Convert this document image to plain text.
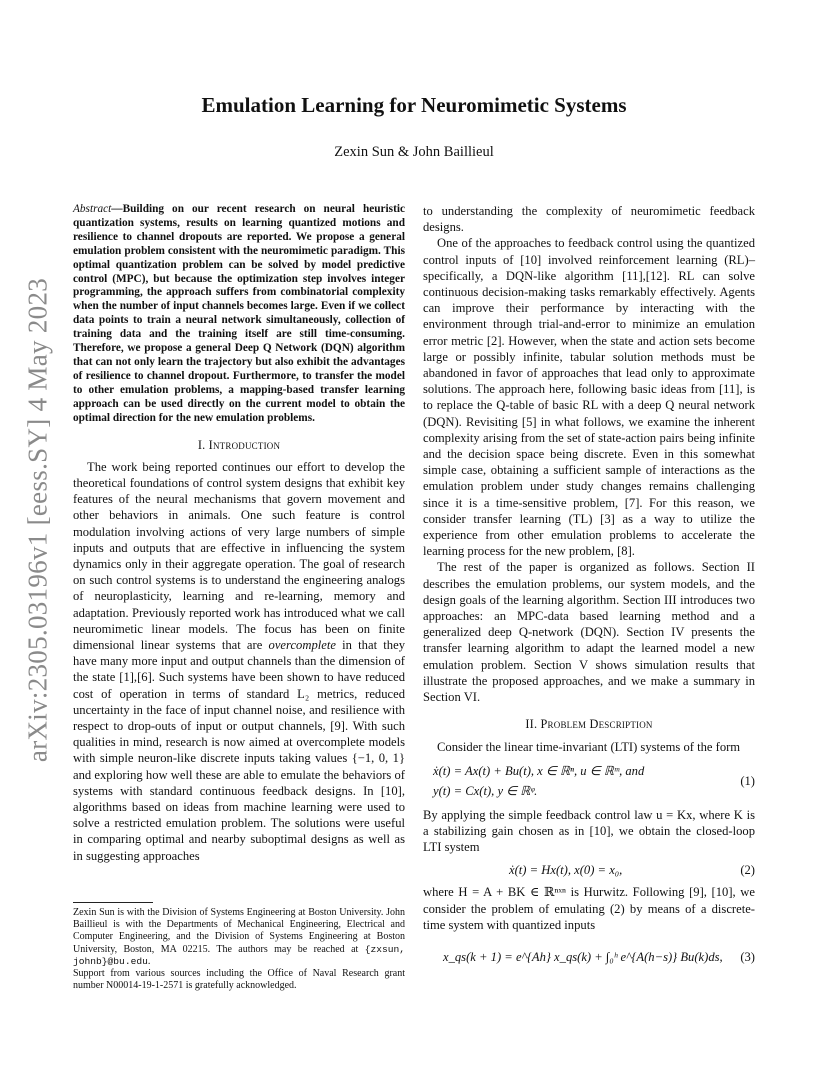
arXiv:2305.03196v1 [eess.SY] 4 May 2023
Emulation Learning for Neuromimetic Systems
Zexin Sun & John Baillieul
Abstract — Building on our recent research on neural heuristic quantization systems, results on learning quantized motions and resilience to channel dropouts are reported. We propose a general emulation problem consistent with the neuromimetic paradigm. This optimal quantization problem can be solved by model predictive control (MPC), but because the optimization step involves integer programming, the approach suffers from combinatorial complexity when the number of input channels becomes large. Even if we collect data points to train a neural network simultaneously, collection of training data and the training itself are still time-consuming. Therefore, we propose a general Deep Q Network (DQN) algorithm that can not only learn the trajectory but also exhibit the advantages of resilience to channel dropout. Furthermore, to transfer the model to other emulation problems, a mapping-based transfer learning approach can be used directly on the current model to obtain the optimal direction for the new emulation problems.
I. Introduction

The work being reported continues our effort to develop the theoretical foundations of control system designs that exhibit key features of the neural mechanisms that govern movement and other behaviors in animals. One such feature is control modulation involving actions of very large numbers of simple inputs and outputs that are effective in influencing the system dynamics only in their aggregate operation. The goal of research on such control systems is to understand the engineering analogs of neuroplasticity, learning and re-learning, memory and adaptation. Previously reported work has introduced what we call neuromimetic linear models. The focus has been on finite dimensional linear systems that are overcomplete in that they have many more input and output channels than the dimension of the state [1],[6]. Such systems have been shown to have reduced cost of operation in terms of standard L₂ metrics, reduced uncertainty in the face of input channel noise, and resilience with respect to drop-outs of input or output channels, [9]. With such qualities in mind, research is now aimed at overcomplete models with simple neuron-like discrete inputs taking values {−1, 0, 1} and exploring how well these are able to emulate the behaviors of systems with standard continuous feedback designs. In [10], algorithms based on ideas from machine learning were used to solve a restricted emulation problem. The solutions were useful in comparing optimal and nearby suboptimal designs as well as in suggesting approaches

Zexin Sun is with the Division of Systems Engineering at Boston University. John Baillieul is with the Departments of Mechanical Engineering, Electrical and Computer Engineering, and the Division of Systems Engineering at Boston University, Boston, MA 02215. The authors may be reached at {zxsun, johnb}@bu.edu.

Support from various sources including the Office of Naval Research grant number N00014-19-1-2571 is gratefully acknowledged.

to understanding the complexity of neuromimetic feedback designs.

One of the approaches to feedback control using the quantized control inputs of [10] involved reinforcement learning (RL)–specifically, a DQN-like algorithm [11],[12]. RL can solve continuous decision-making tasks remarkably effectively. Agents can improve their performance by interacting with the environment through trial-and-error to minimize an emulation error metric [2]. However, when the state and action sets become large or possibly infinite, tabular solution methods must be abandoned in favor of approaches that lead only to approximate solutions. The approach here, following basic ideas from [11], is to replace the Q-table of basic RL with a deep Q neural network (DQN). Revisiting [5] in what follows, we examine the inherent complexity arising from the set of state-action pairs being infinite and the decision space being discrete. Even in this somewhat simple case, obtaining a sufficient sample of interactions as the emulation problem under study changes remains challenging since it is a time-sensitive problem, [7]. For this reason, we consider transfer learning (TL) [3] as a way to utilize the experience from other emulation problems to accelerate the learning process for the new problem, [8].

The rest of the paper is organized as follows. Section II describes the emulation problems, our system models, and the design goals of the learning algorithm. Section III introduces two approaches: an MPC-data based learning method and a generalized deep Q-network (DQN). Section IV presents the transfer learning algorithm to adapt the learned model a new emulation problem. Section V shows simulation results that illustrate the proposed approaches, and we make a summary in Section VI.

II. Problem Description

Consider the linear time-invariant (LTI) systems of the form

ẋ(t) = Ax(t) + Bu(t), x ∈ ℝⁿ, u ∈ ℝᵐ, and
y(t) = Cx(t), y ∈ ℝᵠ.
(1)

By applying the simple feedback control law u = Kx, where K is a stabilizing gain chosen as in [10], we obtain the closed-loop LTI system

ẋ(t) = Hx(t), x(0) = x₀,	(2)

where H = A + BK ∈ ℝⁿˣⁿ is Hurwitz. Following [9], [10], we consider the problem of emulating (2) by means of a discrete-time system with quantized inputs

x_qs(k + 1) = e^{Ah} x_qs(k) + ∫₀ʰ e^{A(h−s)} Bu(k)ds, (3)
